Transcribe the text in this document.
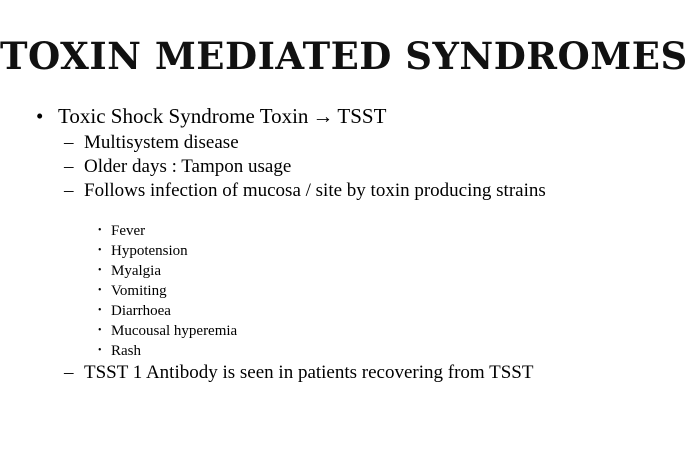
TOXIN MEDIATED SYNDROMES
• Toxic Shock Syndrome Toxin → TSST
– Multisystem disease
– Older days : Tampon usage
– Follows infection of mucosa / site by toxin producing strains
• Fever
• Hypotension
• Myalgia
• Vomiting
• Diarrhoea
• Mucousal hyperemia
• Rash
– TSST 1 Antibody is seen in patients recovering from TSST
